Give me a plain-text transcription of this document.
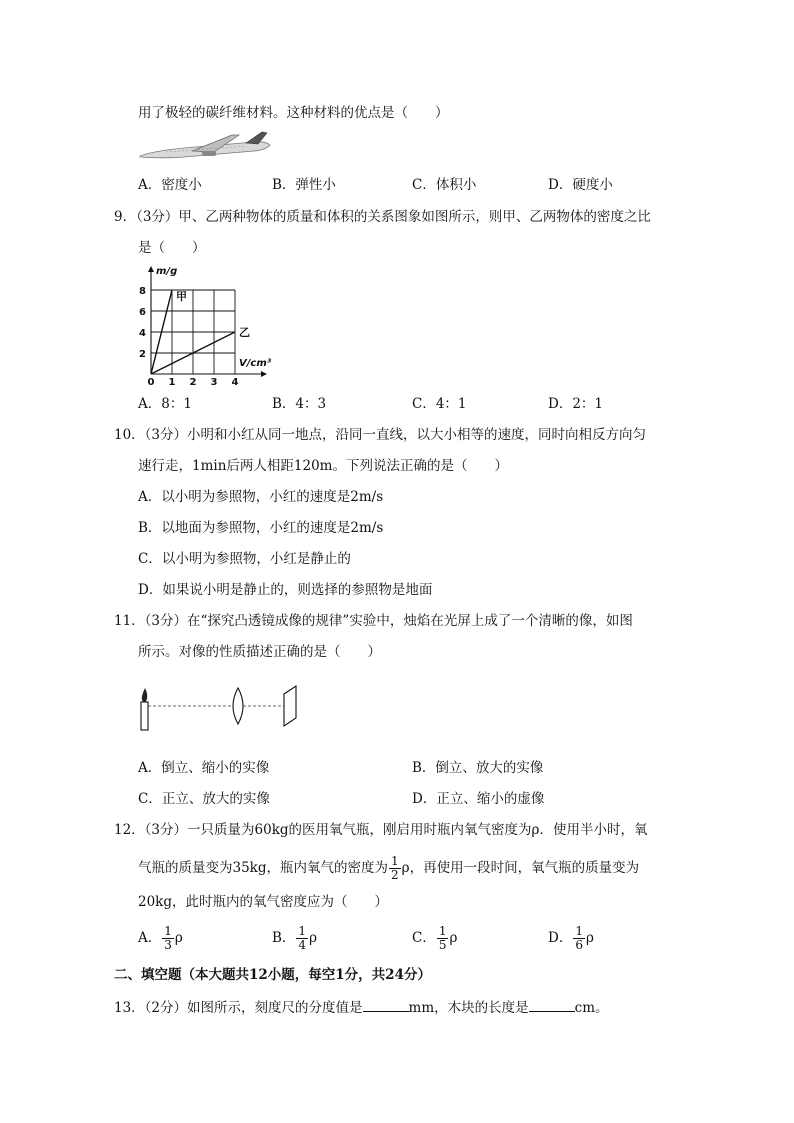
用了极轻的碳纤维材料。这种材料的优点是（　　）
A．密度小	B．弹性小	C．体积小	D．硬度小
9．（3分）甲、乙两种物体的质量和体积的关系图象如图所示，则甲、乙两物体的密度之比
是（　　）
甲
乙
0 1 2 3 4
2
4
6
8
m/g
V/cm³
A．8：1	B．4：3	C．4：1	D．2：1
10．（3分）小明和小红从同一地点，沿同一直线，以大小相等的速度，同时向相反方向匀
速行走，1min后两人相距120m。下列说法正确的是（　　）
A．以小明为参照物，小红的速度是2m/s
B．以地面为参照物，小红的速度是2m/s
C．以小明为参照物，小红是静止的
D．如果说小明是静止的，则选择的参照物是地面
11．（3分）在“探究凸透镜成像的规律”实验中，烛焰在光屏上成了一个清晰的像，如图
所示。对像的性质描述正确的是（　　）
A．倒立、缩小的实像	B．倒立、放大的实像
C．正立、放大的实像	D．正立、缩小的虚像
12．（3分）一只质量为60kg的医用氧气瓶，刚启用时瓶内氧气密度为ρ．使用半小时，氧
气瓶的质量变为35kg，瓶内氧气的密度为 $\frac{1}{2}$ ρ，再使用一段时间，氧气瓶的质量变为
20kg，此时瓶内的氧气密度应为（　　）
A． $\frac{1}{3}$ ρ	B． $\frac{1}{4}$ ρ	C． $\frac{1}{5}$ ρ	D． $\frac{1}{6}$ ρ
二、填空题（本大题共12小题，每空1分，共24分）
13．（2分）如图所示，刻度尺的分度值是	mm，木块的长度是	cm。
